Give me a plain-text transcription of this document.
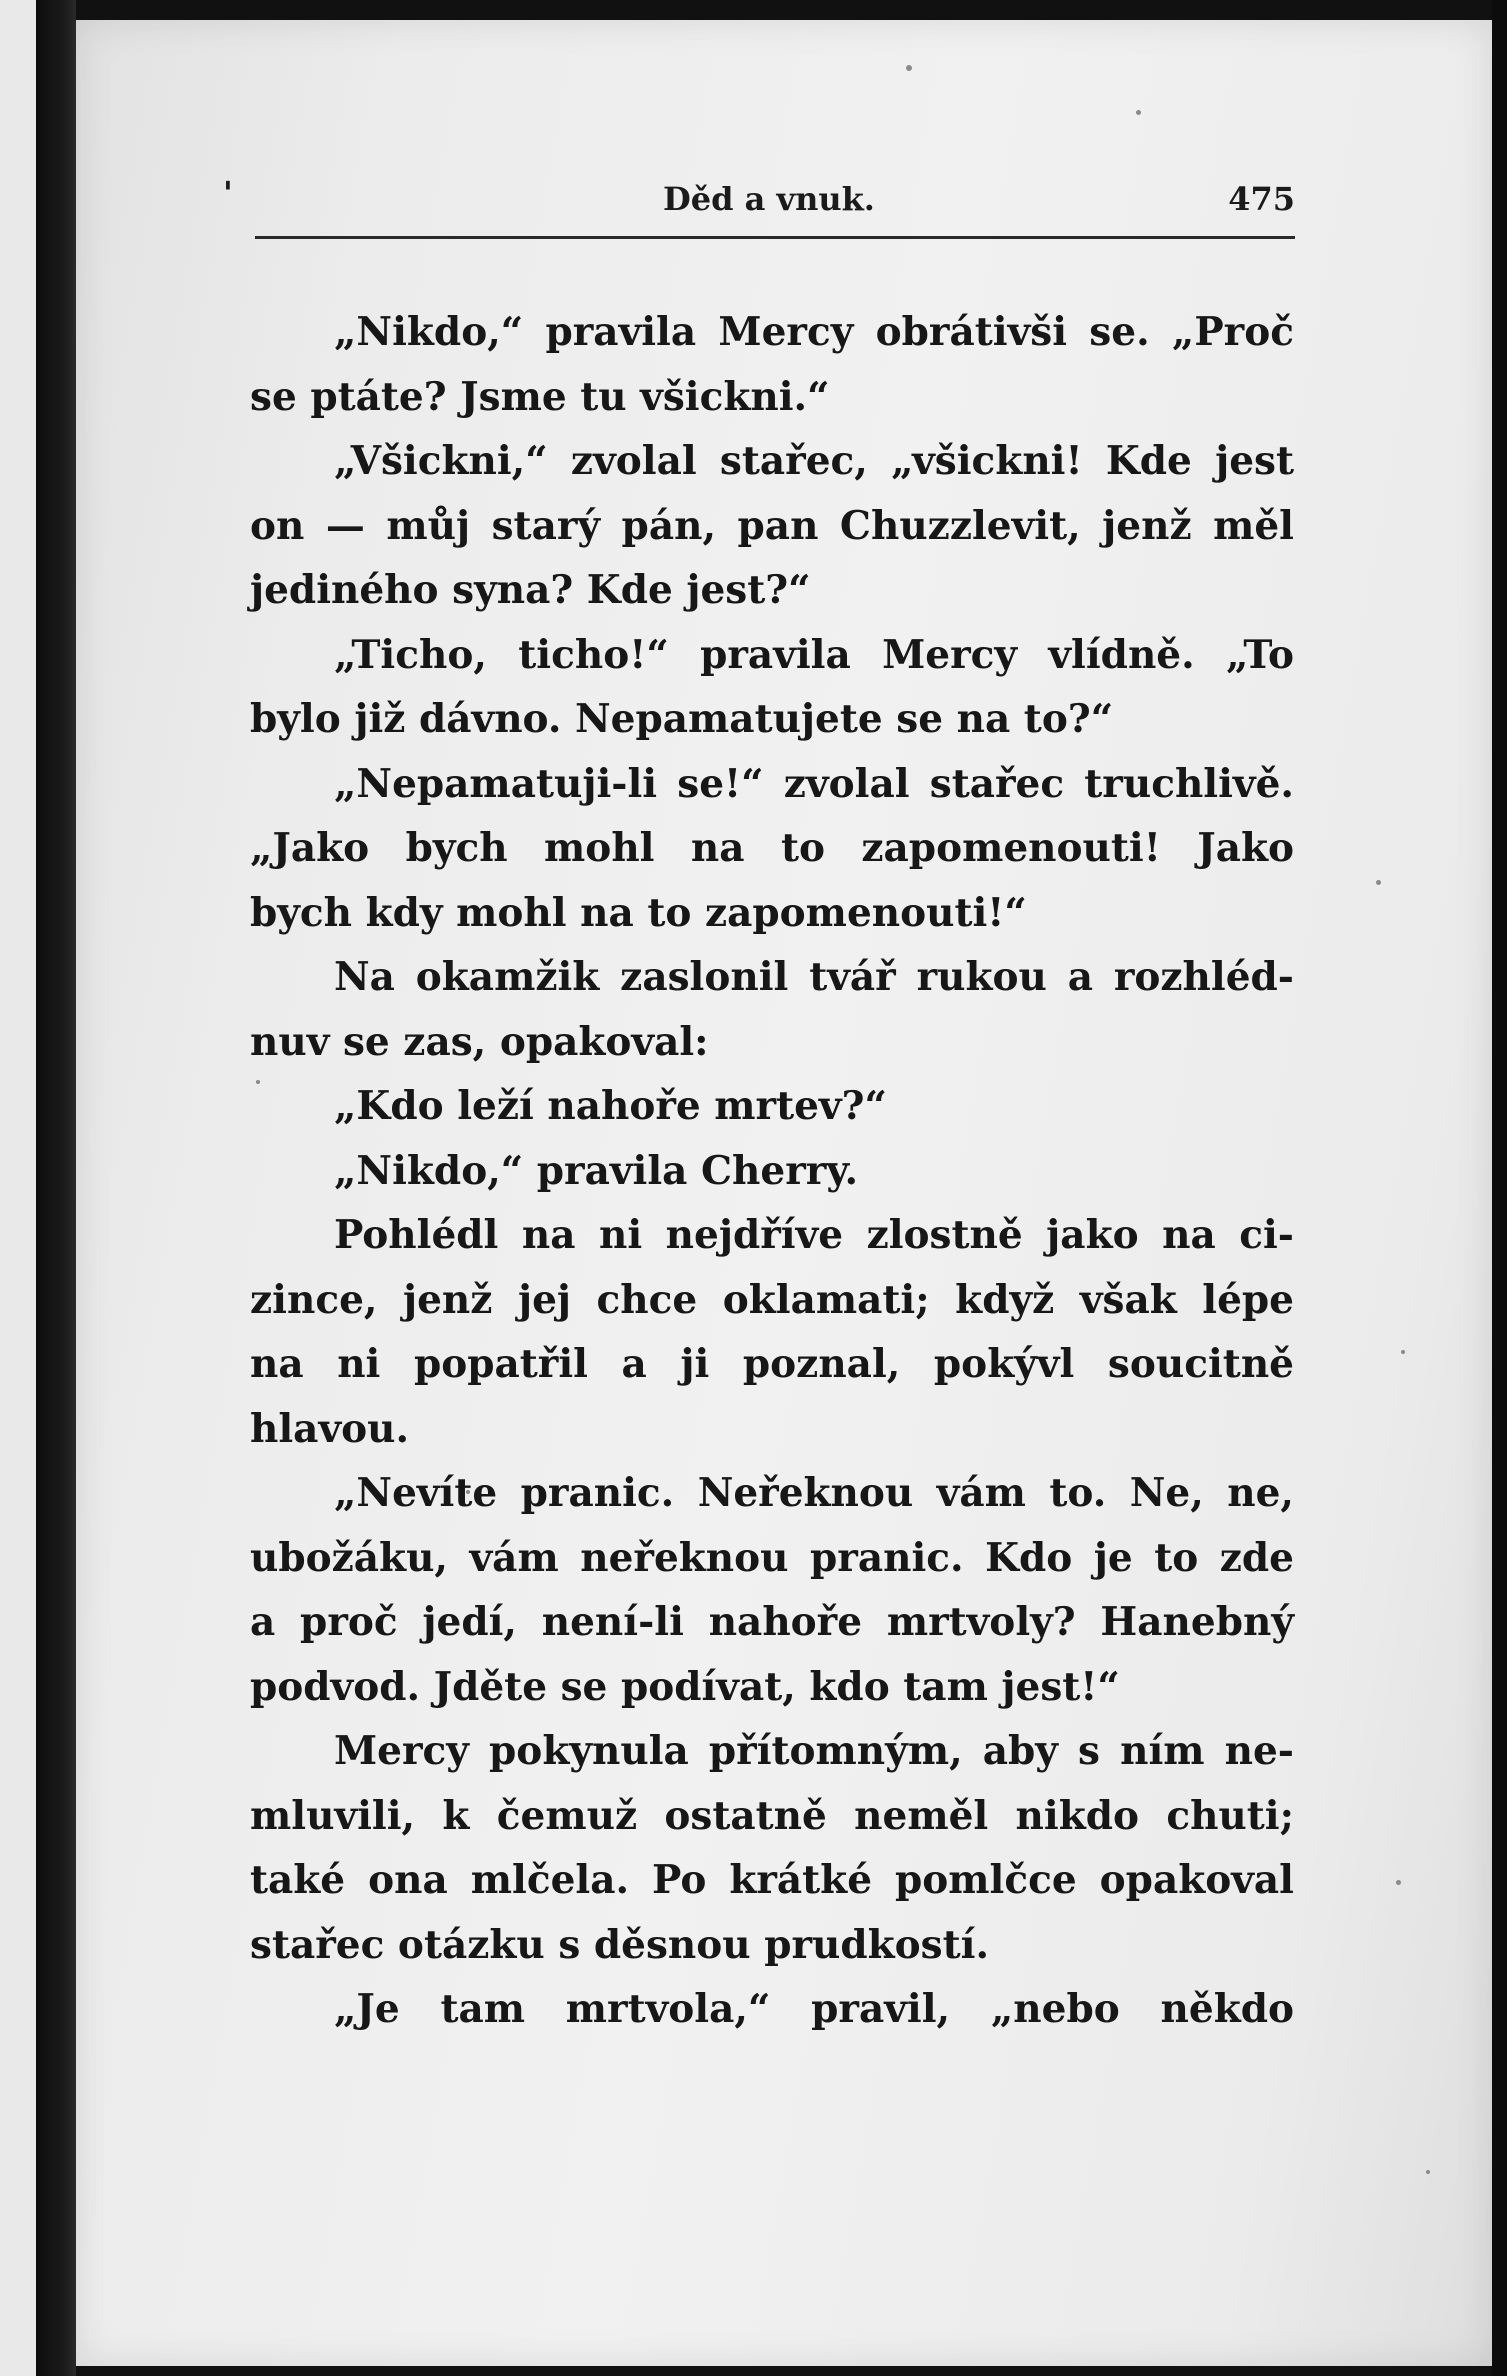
'	Děd a vnuk.	475
„Nikdo,“ pravila Mercy obrátivši se. „Proč
se ptáte? Jsme tu všickni.“
„Všickni,“ zvolal stařec, „všickni! Kde jest
on — můj starý pán, pan Chuzzlevit, jenž měl
jediného syna? Kde jest?“
„Ticho, ticho!“ pravila Mercy vlídně. „To
bylo již dávno. Nepamatujete se na to?“
„Nepamatuji-li se!“ zvolal stařec truchlivě.
„Jako bych mohl na to zapomenouti! Jako
bych kdy mohl na to zapomenouti!“
Na okamžik zaslonil tvář rukou a rozhléd-
nuv se zas, opakoval:
„Kdo leží nahoře mrtev?“
„Nikdo,“ pravila Cherry.
Pohlédl na ni nejdříve zlostně jako na ci-
zince, jenž jej chce oklamati; když však lépe
na ni popatřil a ji poznal, pokývl soucitně
hlavou.
„Nevíte pranic. Neřeknou vám to. Ne, ne,
ubožáku, vám neřeknou pranic. Kdo je to zde
a proč jedí, není-li nahoře mrtvoly? Hanebný
podvod. Jděte se podívat, kdo tam jest!“
Mercy pokynula přítomným, aby s ním ne-
mluvili, k čemuž ostatně neměl nikdo chuti;
také ona mlčela. Po krátké pomlčce opakoval
stařec otázku s děsnou prudkostí.
„Je tam mrtvola,“ pravil, „nebo někdo
